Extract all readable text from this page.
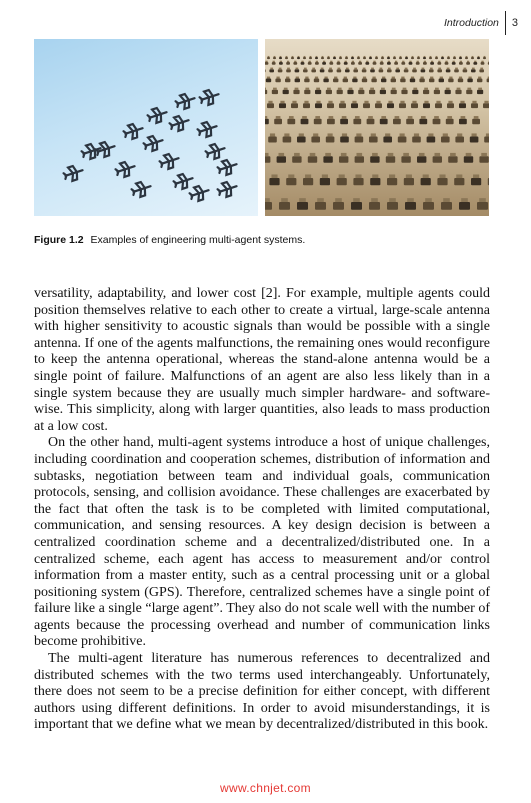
Introduction 3
Figure 1.2 Examples of engineering multi-agent systems.

versatility, adaptability, and lower cost [2]. For example, multiple agents could position themselves relative to each other to create a virtual, large-scale antenna with higher sensitivity to acoustic signals than would be possible with a single antenna. If one of the agents malfunctions, the remaining ones would reconfigure to keep the antenna operational, whereas the stand-alone antenna would be a single point of failure. Malfunctions of an agent are also less likely than in a single system because they are usually much simpler hardware- and software-wise. This simplicity, along with larger quantities, also leads to mass production at a low cost.

On the other hand, multi-agent systems introduce a host of unique challenges, including coordination and cooperation schemes, distribution of information and subtasks, negotiation between team and individual goals, communication protocols, sensing, and collision avoidance. These challenges are exacerbated by the fact that often the task is to be completed with limited computational, communication, and sensing resources. A key design decision is between a centralized coordination scheme and a decentralized/distributed one. In a centralized scheme, each agent has access to measurement and/or control information from a master entity, such as a central processing unit or a global positioning system (GPS). Therefore, centralized schemes have a single point of failure like a single “large agent”. They also do not scale well with the number of agents because the processing overhead and number of communication links become prohibitive.

The multi-agent literature has numerous references to decentralized and distributed schemes with the two terms used interchangeably. Unfortunately, there does not seem to be a precise definition for either concept, with different authors using different definitions. In order to avoid misunderstandings, it is important that we define what we mean by decentralized/distributed in this book.

www.chnjet.com
